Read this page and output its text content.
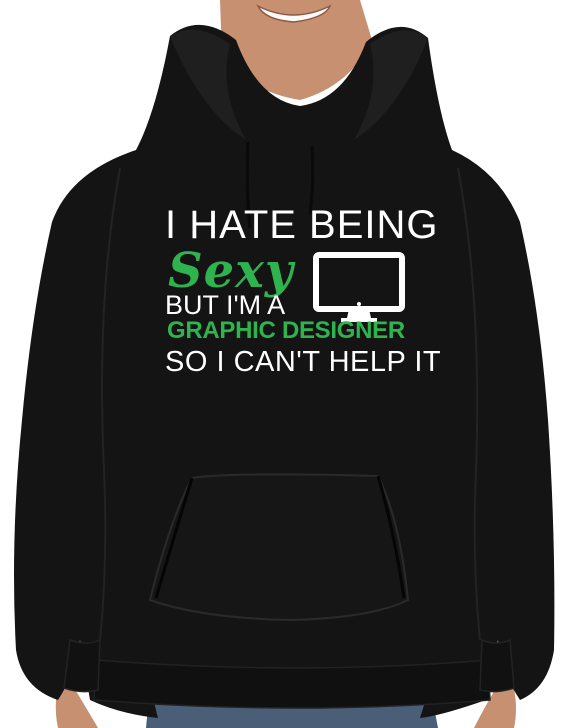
I HATE BEING

Sexy

BUT I'M A

GRAPHIC DESIGNER

SO I CAN'T HELP IT
